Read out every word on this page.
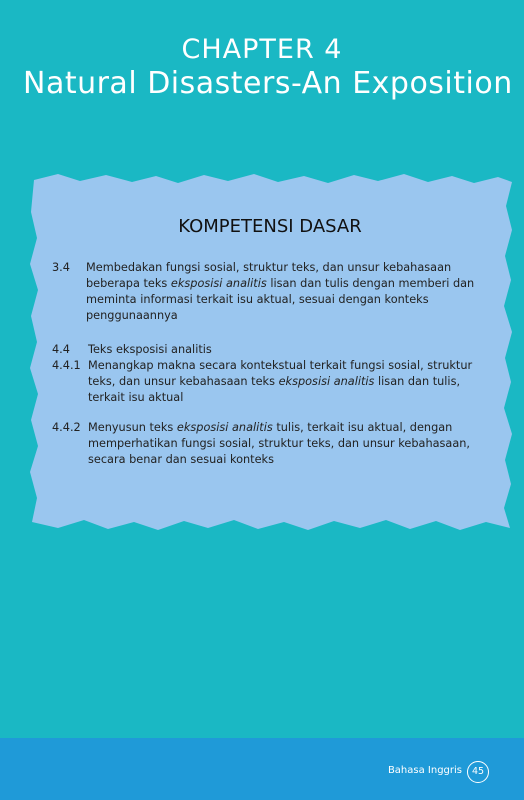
CHAPTER 4
Natural Disasters-An Exposition
KOMPETENSI DASAR
3.4 Membedakan fungsi sosial, struktur teks, dan unsur kebahasaan beberapa teks eksposisi analitis lisan dan tulis dengan memberi dan meminta informasi terkait isu aktual, sesuai dengan konteks penggunaannya
4.4 Teks eksposisi analitis
4.4.1 Menangkap makna secara kontekstual terkait fungsi sosial, struktur teks, dan unsur kebahasaan teks eksposisi analitis lisan dan tulis, terkait isu aktual
4.4.2 Menyusun teks eksposisi analitis tulis, terkait isu aktual, dengan memperhatikan fungsi sosial, struktur teks, dan unsur kebahasaan, secara benar dan sesuai konteks
Bahasa Inggris	45
